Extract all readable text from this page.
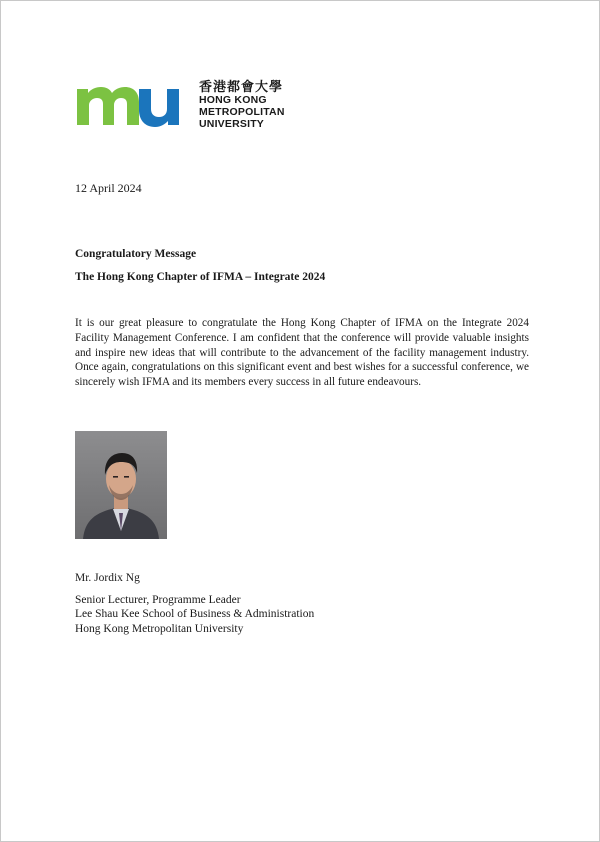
香港都會大學
HONG KONG
METROPOLITAN
UNIVERSITY
12 April 2024
Congratulatory Message
The Hong Kong Chapter of IFMA – Integrate 2024
It is our great pleasure to congratulate the Hong Kong Chapter of IFMA on the Integrate 2024 Facility Management Conference. I am confident that the conference will provide valuable insights and inspire new ideas that will contribute to the advancement of the facility management industry. Once again, congratulations on this significant event and best wishes for a successful conference, we sincerely wish IFMA and its members every success in all future endeavours.
Mr. Jordix Ng
Senior Lecturer, Programme Leader
Lee Shau Kee School of Business & Administration
Hong Kong Metropolitan University
